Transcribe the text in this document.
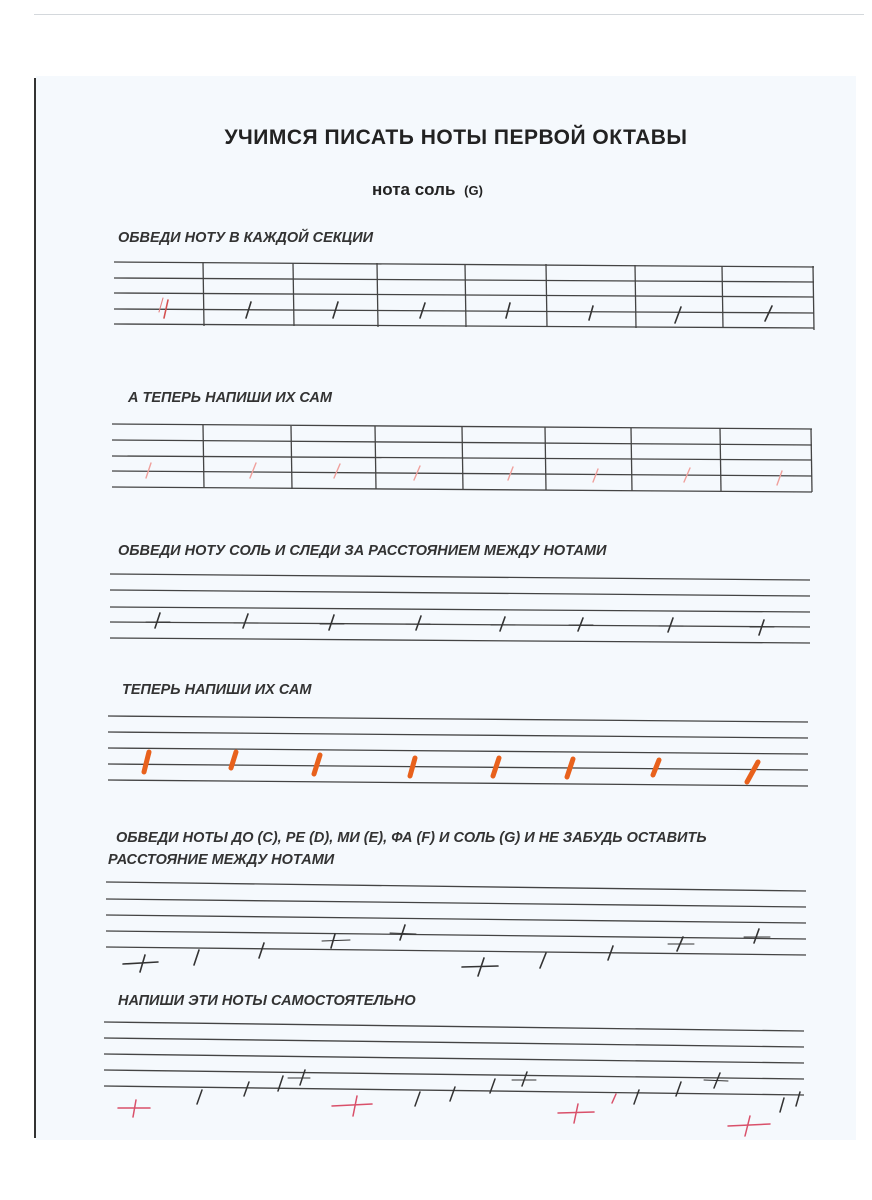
УЧИМСЯ ПИСАТЬ НОТЫ ПЕРВОЙ ОКТАВЫ
нота соль (G)
ОБВЕДИ НОТУ В КАЖДОЙ СЕКЦИИ
А ТЕПЕРЬ НАПИШИ ИХ САМ
ОБВЕДИ НОТУ СОЛЬ И СЛЕДИ ЗА РАССТОЯНИЕМ МЕЖДУ НОТАМИ
ТЕПЕРЬ НАПИШИ ИХ САМ
ОБВЕДИ НОТЫ ДО (C), РЕ (D), МИ (E), ФА (F) И СОЛЬ (G) И НЕ ЗАБУДЬ ОСТАВИТЬ
РАССТОЯНИЕ МЕЖДУ НОТАМИ
НАПИШИ ЭТИ НОТЫ САМОСТОЯТЕЛЬНО
